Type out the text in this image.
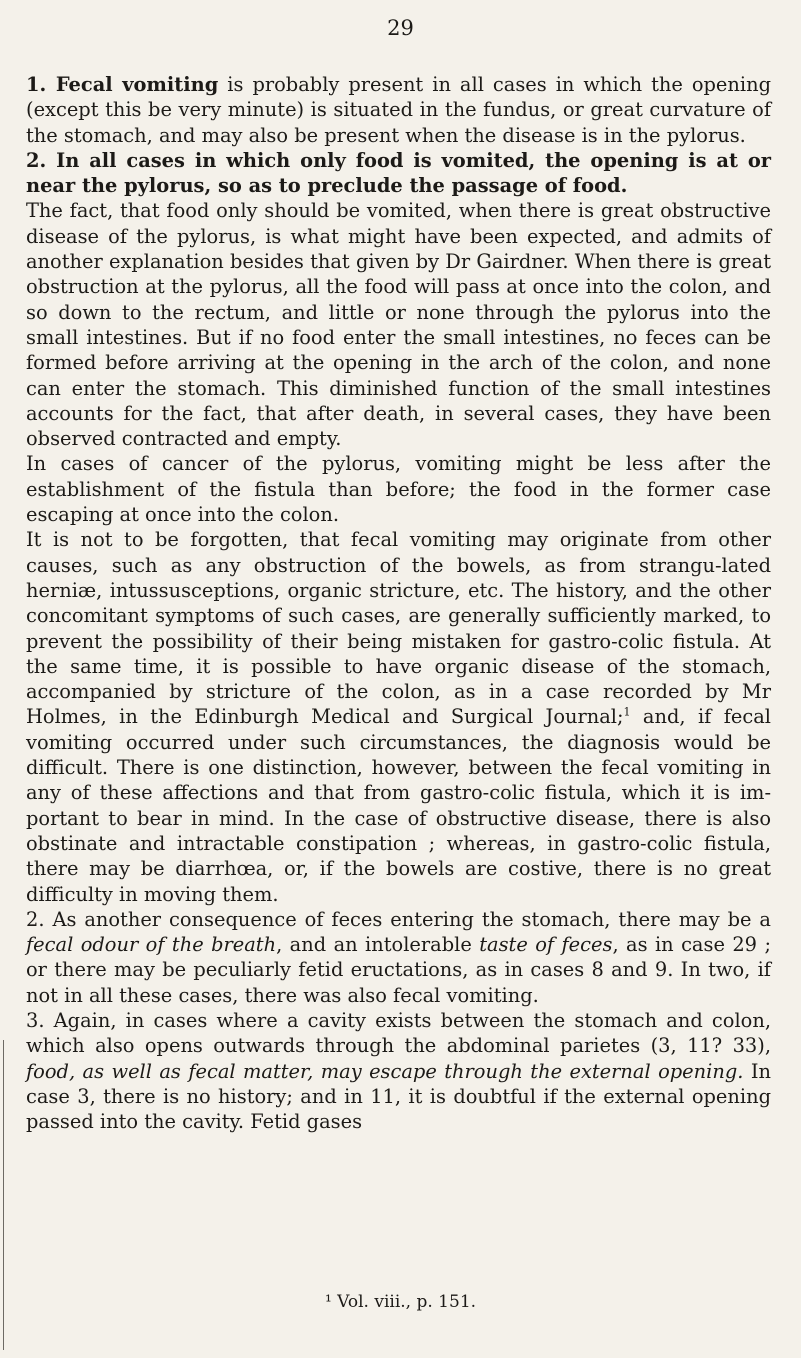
29

1. Fecal vomiting is probably present in all cases in which the opening (except this be very minute) is situated in the fundus, or great curvature of the stomach, and may also be present when the disease is in the pylorus.

2. In all cases in which only food is vomited, the opening is at or near the pylorus, so as to preclude the passage of food.

The fact, that food only should be vomited, when there is great obstructive disease of the pylorus, is what might have been expected, and admits of another explanation besides that given by Dr Gairdner. When there is great obstruction at the pylorus, all the food will pass at once into the colon, and so down to the rectum, and little or none through the pylorus into the small intestines. But if no food enter the small intestines, no feces can be formed before arriving at the opening in the arch of the colon, and none can enter the stomach. This diminished function of the small intestines accounts for the fact, that after death, in several cases, they have been observed contracted and empty.

In cases of cancer of the pylorus, vomiting might be less after the establishment of the fistula than before; the food in the former case escaping at once into the colon.

It is not to be forgotten, that fecal vomiting may originate from other causes, such as any obstruction of the bowels, as from strangu-lated herniæ, intussusceptions, organic stricture, etc. The history, and the other concomitant symptoms of such cases, are generally sufficiently marked, to prevent the possibility of their being mistaken for gastro-colic fistula. At the same time, it is possible to have organic disease of the stomach, accompanied by stricture of the colon, as in a case recorded by Mr Holmes, in the Edinburgh Medical and Surgical Journal;$^1$ and, if fecal vomiting occurred under such circumstances, the diagnosis would be difficult. There is one distinction, however, between the fecal vomiting in any of these affections and that from gastro-colic fistula, which it is im-portant to bear in mind. In the case of obstructive disease, there is also obstinate and intractable constipation ; whereas, in gastro-colic fistula, there may be diarrhœa, or, if the bowels are costive, there is no great difficulty in moving them.

2. As another consequence of feces entering the stomach, there may be a fecal odour of the breath, and an intolerable taste of feces, as in case 29 ; or there may be peculiarly fetid eructations, as in cases 8 and 9. In two, if not in all these cases, there was also fecal vomiting.

3. Again, in cases where a cavity exists between the stomach and colon, which also opens outwards through the abdominal parietes (3, 11? 33), food, as well as fecal matter, may escape through the external opening. In case 3, there is no history; and in 11, it is doubtful if the external opening passed into the cavity. Fetid gases

¹ Vol. viii., p. 151.
